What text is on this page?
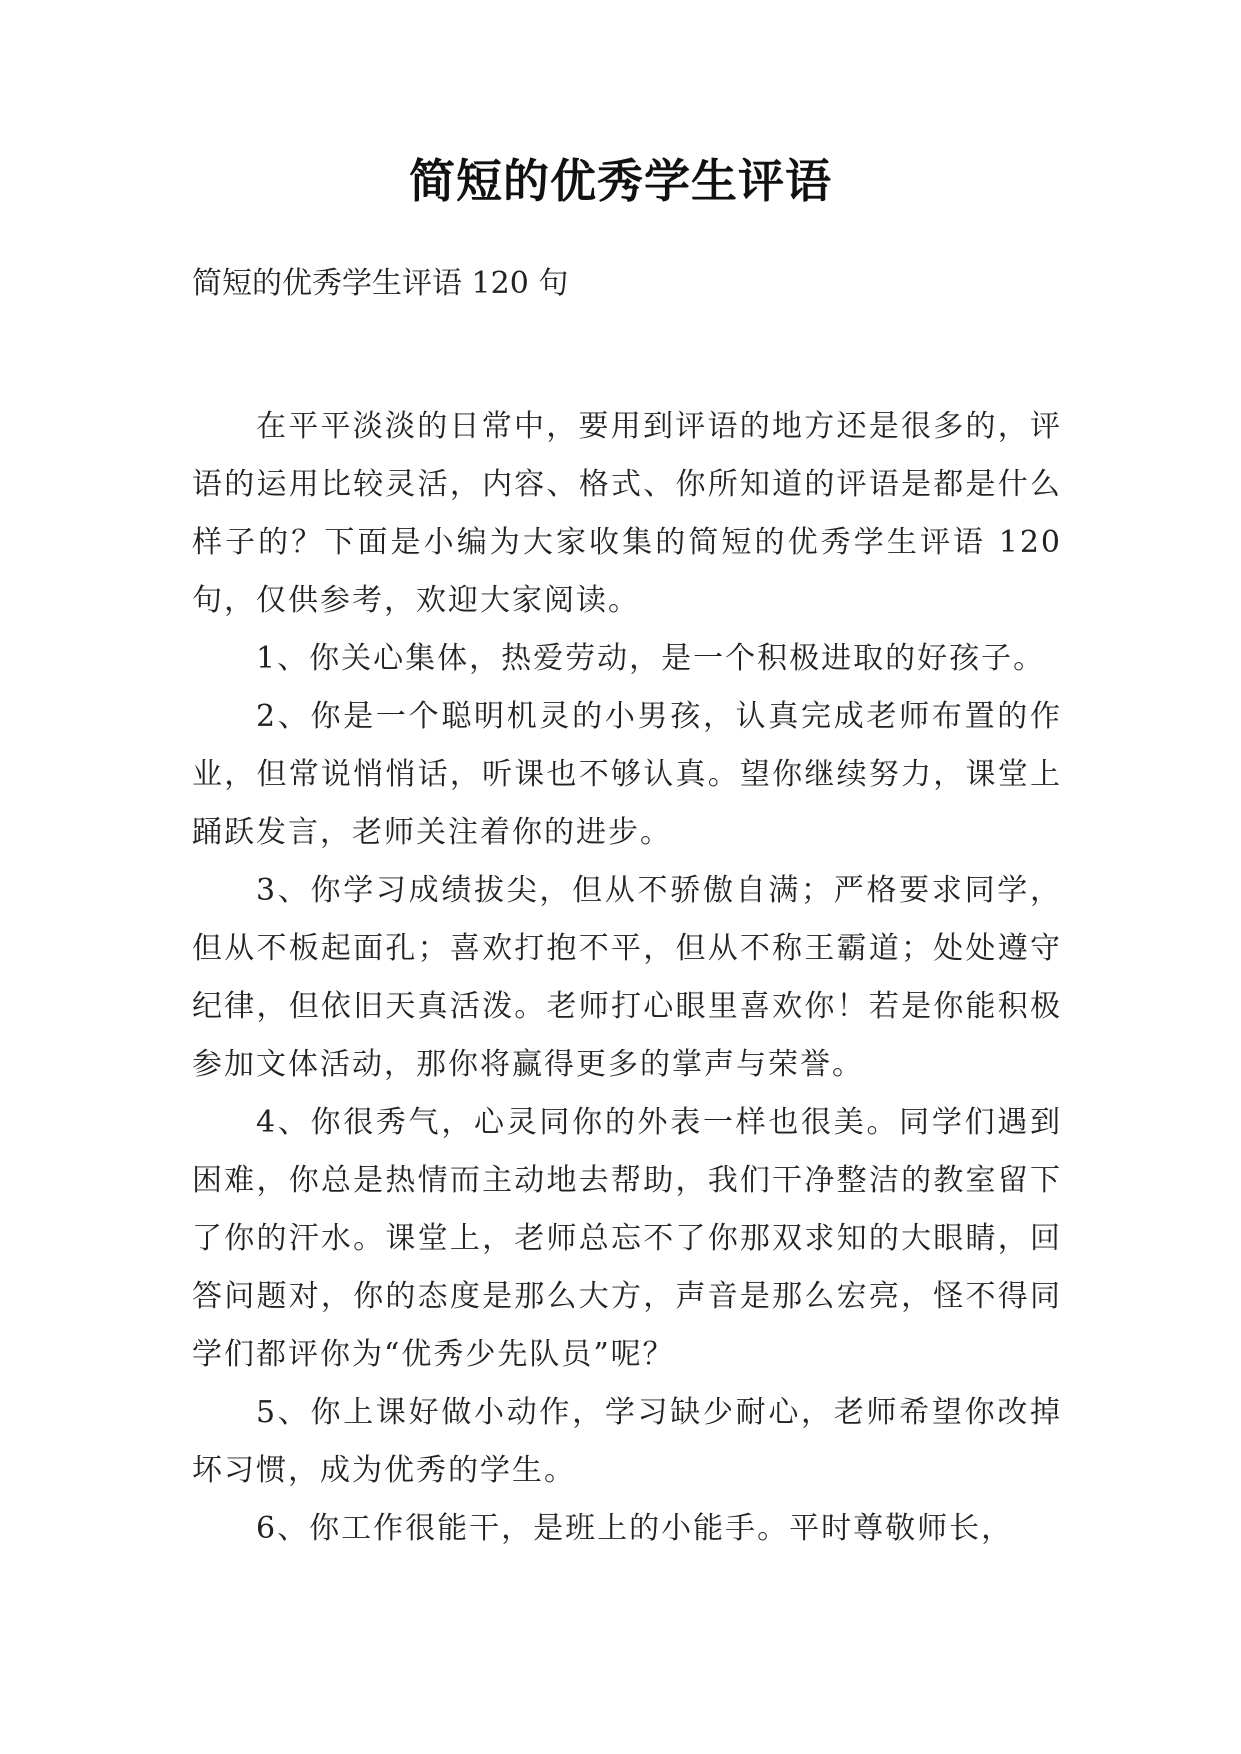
简短的优秀学生评语

简短的优秀学生评语 120 句

在平平淡淡的日常中，要用到评语的地方还是很多的，评语的运用比较灵活，内容、格式、你所知道的评语是都是什么样子的？下面是小编为大家收集的简短的优秀学生评语 120 句，仅供参考，欢迎大家阅读。

1、你关心集体，热爱劳动，是一个积极进取的好孩子。

2、你是一个聪明机灵的小男孩，认真完成老师布置的作业，但常说悄悄话，听课也不够认真。望你继续努力，课堂上踊跃发言，老师关注着你的进步。

3、你学习成绩拔尖，但从不骄傲自满；严格要求同学，但从不板起面孔；喜欢打抱不平，但从不称王霸道；处处遵守纪律，但依旧天真活泼。老师打心眼里喜欢你！若是你能积极参加文体活动，那你将赢得更多的掌声与荣誉。

4、你很秀气，心灵同你的外表一样也很美。同学们遇到困难，你总是热情而主动地去帮助，我们干净整洁的教室留下了你的汗水。课堂上，老师总忘不了你那双求知的大眼睛，回答问题对，你的态度是那么大方，声音是那么宏亮，怪不得同学们都评你为“优秀少先队员”呢？

5、你上课好做小动作，学习缺少耐心，老师希望你改掉坏习惯，成为优秀的学生。

6、你工作很能干，是班上的小能手。平时尊敬师长，
